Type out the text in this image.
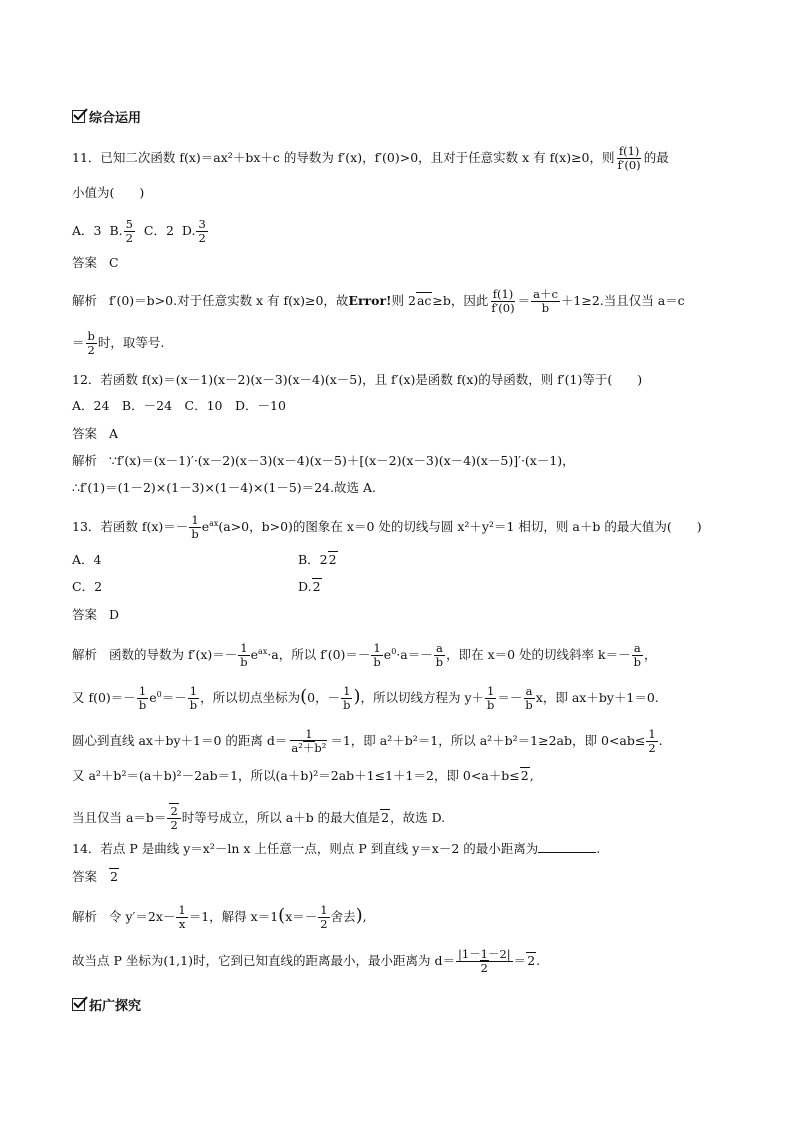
综合运用
11．已知二次函数 f(x)＝ax²＋bx＋c 的导数为 f′(x)，f′(0)>0，且对于任意实数 x 有 f(x)≥0，则 $\frac{f(1)}{f'(0)}$ 的最
小值为(　　)
A．3 B. $\frac{5}{2}$ C．2 D. $\frac{3}{2}$
答案 C
解析 f′(0)＝b>0.对于任意实数 x 有 f(x)≥0，故Error!则 2ac≥b，因此 $\frac{f(1)}{f'(0)} = \frac{a+c}{b} +1\ge 2$.当且仅当 a＝c
＝ $\frac{b}{2}$ 时，取等号.
12．若函数 f(x)＝(x－1)(x－2)(x－3)(x－4)(x－5)，且 f′(x)是函数 f(x)的导函数，则 f′(1)等于(　　)
A．24　B．－24　C．10　D．－10
答案 A
解析 ∵f′(x)＝(x－1)′·(x－2)(x－3)(x－4)(x－5)＋[(x－2)(x－3)(x－4)(x－5)]′·(x－1)，
∴f′(1)＝(1－2)×(1－3)×(1－4)×(1－5)＝24.故选 A.
13．若函数 $f(x)=- \frac{1}{b} e^{ax}(a>0$，b>0)的图象在 x＝0 处的切线与圆 x²＋y²＝1 相切，则 a＋b 的最大值为(　　)
A．4	B．22
C．2	D.2
答案 D
解析 函数的导数为 $f'(x)=- \frac{1}{b} e^{ax}\cdot a$，所以 $f'(0)=- \frac{1}{b} e^0\cdot a=- \frac{a}{b}$ ，即在 x＝0 处的切线斜率 $k=- \frac{a}{b}$ ，
又 $f(0)=- \frac{1}{b} e^0=- \frac{1}{b}$ ，所以切点坐标为(0，－ $\frac{1}{b}$ )，所以切线方程为 $y+ \frac{1}{b} =- \frac{a}{b}$ x，即 ax＋by＋1＝0.
圆心到直线 ax＋by＋1＝0 的距离 $d= \frac{1}{\text{a²＋b²}} =1$，即 a²＋b²＝1，所以 a²＋b²＝1≥2ab，即 $0<ab\le \frac{1}{2}$ .
又 a²＋b²＝(a＋b)²－2ab＝1，所以(a＋b)²＝2ab＋1≤1＋1＝2，即 0<a＋b≤2,
当且仅当 $a=b= \frac{2}{2}$ 时等号成立，所以 a＋b 的最大值是2，故选 D.
14．若点 P 是曲线 y＝x²－ln x 上任意一点，则点 P 到直线 y＝x－2 的最小距离为	.
答案 2
解析 令 $y'=2x- \frac{1}{x} =1$，解得 $x=1(x=- \frac{1}{2}$ 舍去),
故当点 P 坐标为(1,1)时，它到已知直线的距离最小，最小距离为 $d= \frac{|1-1-2|}{2} =2$.
拓广探究
